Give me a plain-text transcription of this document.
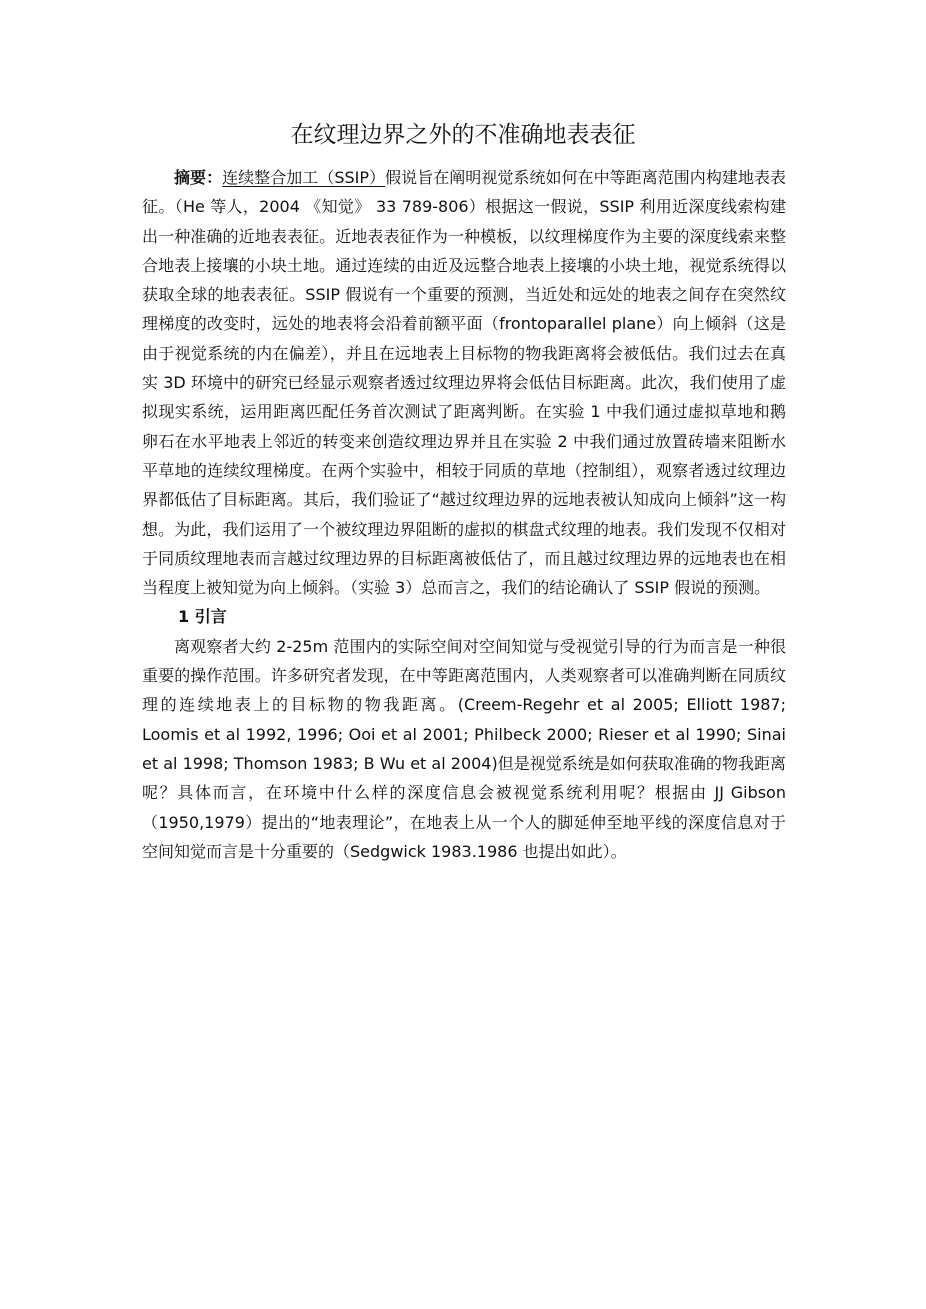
在纹理边界之外的不准确地表表征

摘要：连续整合加工（SSIP）假说旨在阐明视觉系统如何在中等距离范围内构建地表表征。（He 等人，2004 《知觉》 33 789-806）根据这一假说，SSIP 利用近深度线索构建出一种准确的近地表表征。近地表表征作为一种模板，以纹理梯度作为主要的深度线索来整合地表上接壤的小块土地。通过连续的由近及远整合地表上接壤的小块土地，视觉系统得以获取全球的地表表征。SSIP 假说有一个重要的预测，当近处和远处的地表之间存在突然纹理梯度的改变时，远处的地表将会沿着前额平面（frontoparallel plane）向上倾斜（这是由于视觉系统的内在偏差），并且在远地表上目标物的物我距离将会被低估。我们过去在真实 3D 环境中的研究已经显示观察者透过纹理边界将会低估目标距离。此次，我们使用了虚拟现实系统，运用距离匹配任务首次测试了距离判断。在实验 1 中我们通过虚拟草地和鹅卵石在水平地表上邻近的转变来创造纹理边界并且在实验 2 中我们通过放置砖墙来阻断水平草地的连续纹理梯度。在两个实验中，相较于同质的草地（控制组），观察者透过纹理边界都低估了目标距离。其后，我们验证了“越过纹理边界的远地表被认知成向上倾斜”这一构想。为此，我们运用了一个被纹理边界阻断的虚拟的棋盘式纹理的地表。我们发现不仅相对于同质纹理地表而言越过纹理边界的目标距离被低估了，而且越过纹理边界的远地表也在相当程度上被知觉为向上倾斜。（实验 3）总而言之，我们的结论确认了 SSIP 假说的预测。

1 引言

离观察者大约 2-25m 范围内的实际空间对空间知觉与受视觉引导的行为而言是一种很重要的操作范围。许多研究者发现，在中等距离范围内，人类观察者可以准确判断在同质纹理的连续地表上的目标物的物我距离。(Creem-Regehr et al 2005; Elliott 1987; Loomis et al 1992, 1996; Ooi et al 2001; Philbeck 2000; Rieser et al 1990; Sinai et al 1998; Thomson 1983; B Wu et al 2004)但是视觉系统是如何获取准确的物我距离呢？具体而言，在环境中什么样的深度信息会被视觉系统利用呢？根据由 JJ Gibson（1950,1979）提出的“地表理论”，在地表上从一个人的脚延伸至地平线的深度信息对于空间知觉而言是十分重要的（Sedgwick 1983.1986 也提出如此）。
